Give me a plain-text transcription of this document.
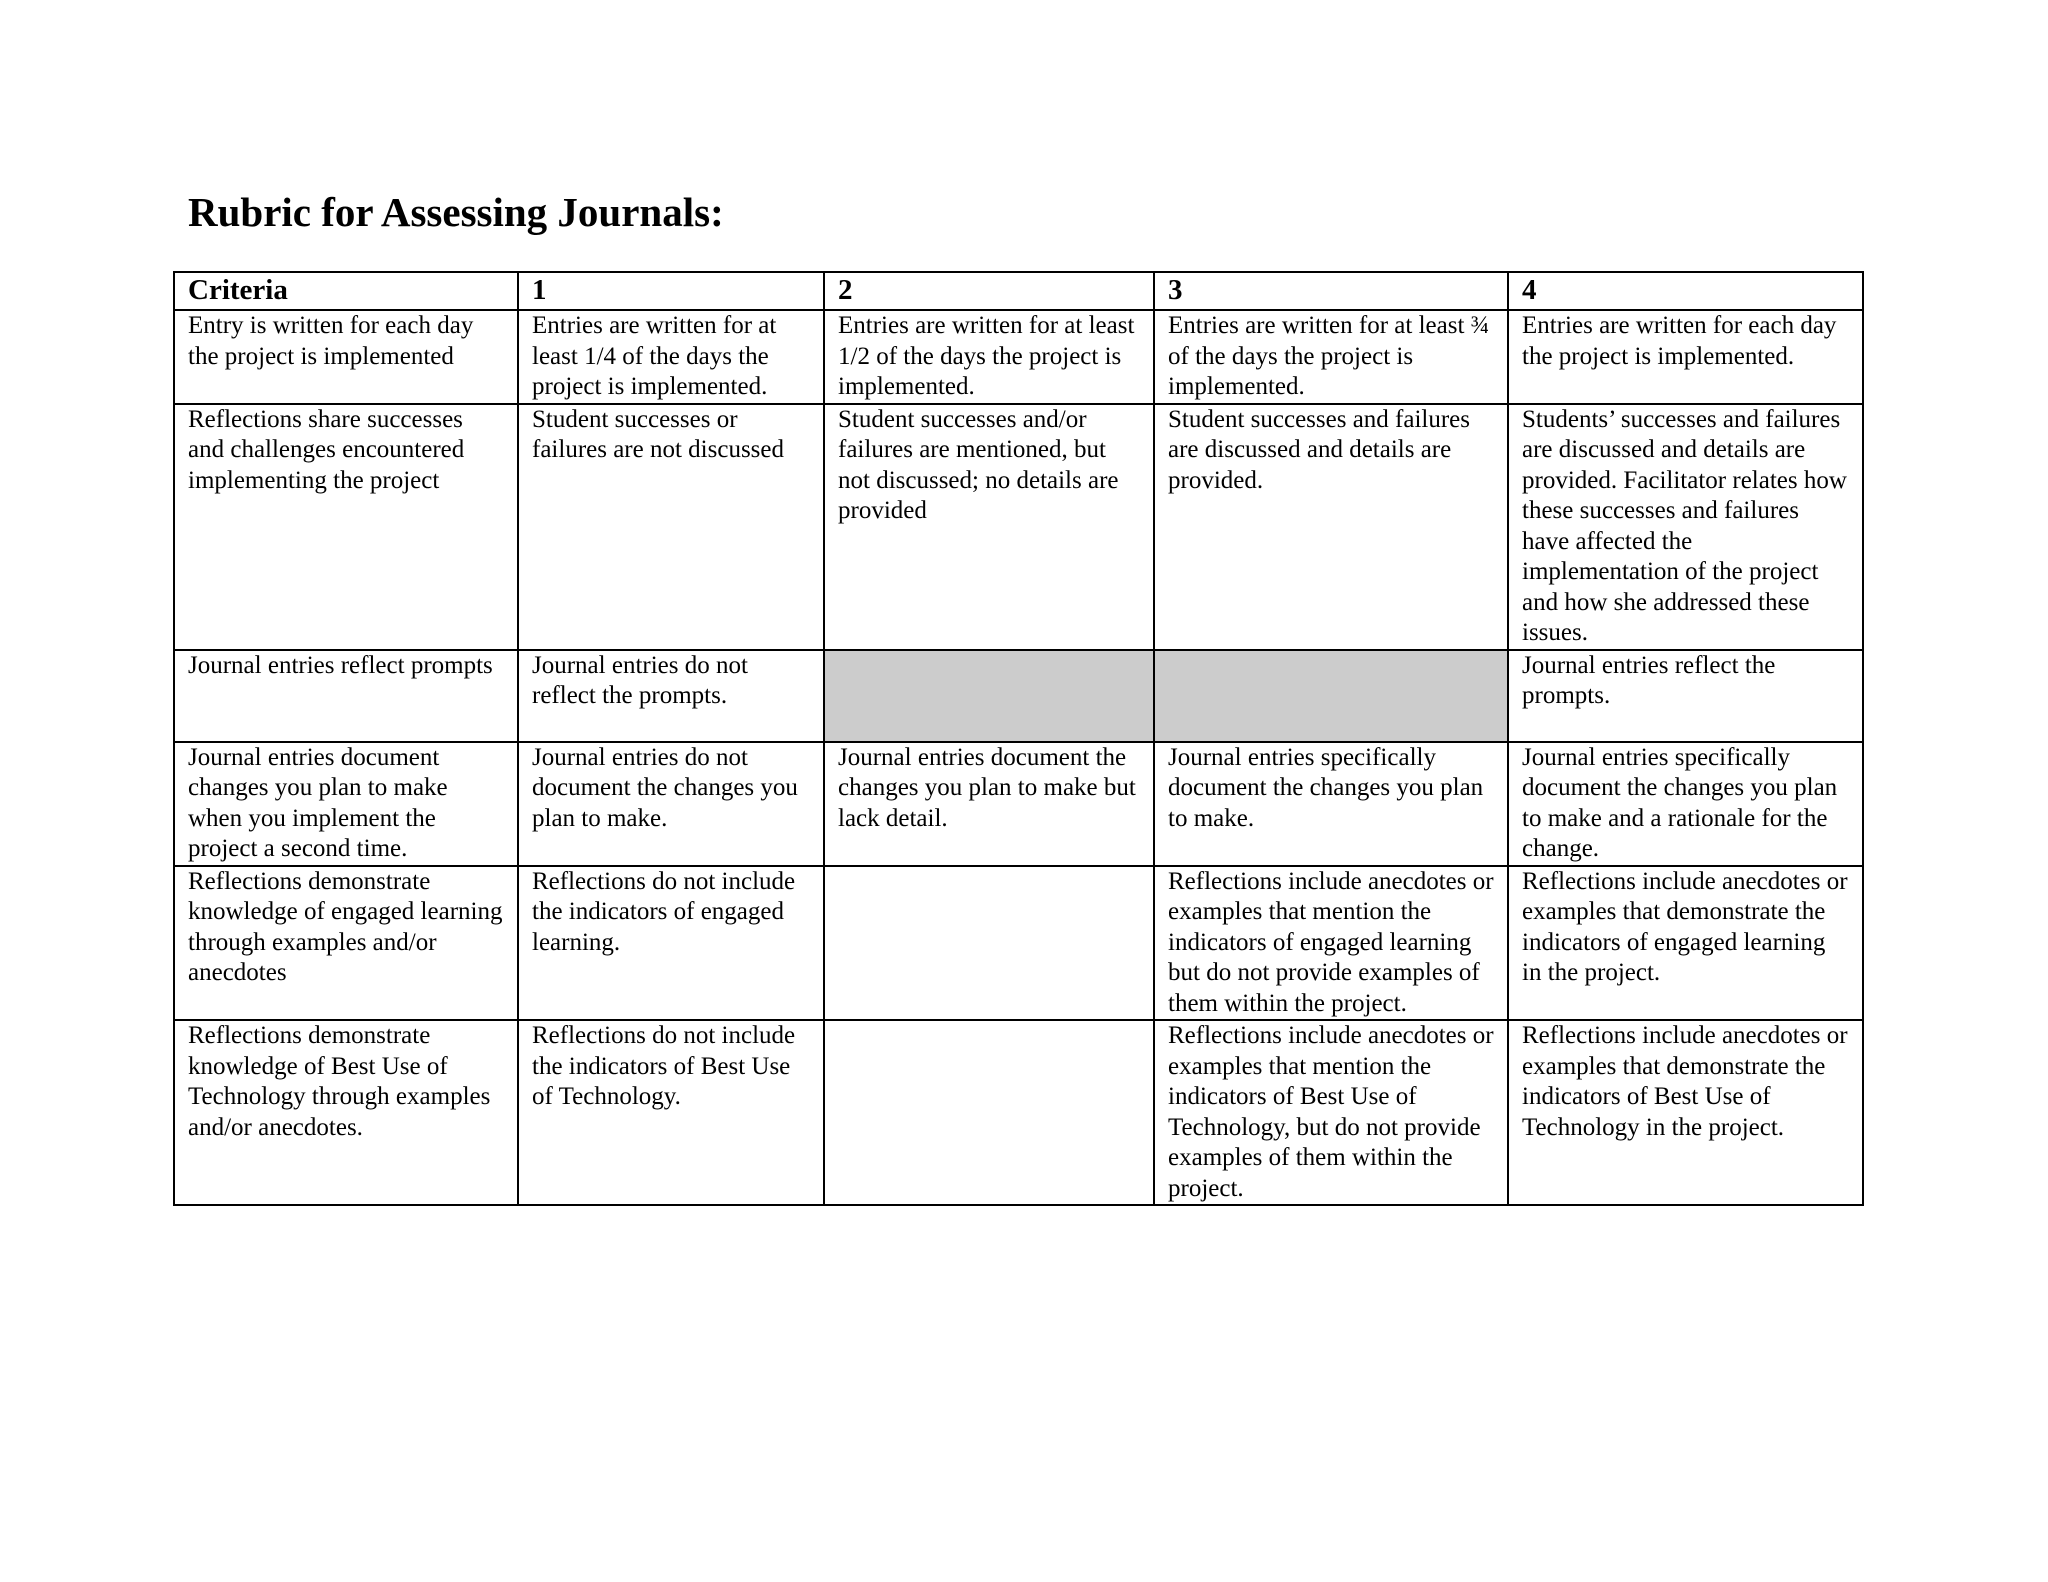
Rubric for Assessing Journals:
Criteria	1	2	3	4
Entry is written for each day the project is implemented	Entries are written for at least 1/4 of the days the project is implemented.	Entries are written for at least 1/2 of the days the project is implemented.	Entries are written for at least ¾ of the days the project is implemented.	Entries are written for each day the project is implemented.
Reflections share successes and challenges encountered implementing the project	Student successes or failures are not discussed	Student successes and/or failures are mentioned, but not discussed; no details are provided	Student successes and failures are discussed and details are provided.	Students’ successes and failures are discussed and details are provided. Facilitator relates how these successes and failures have affected the implementation of the project and how she addressed these issues.
Journal entries reflect prompts	Journal entries do not reflect the prompts.			Journal entries reflect the prompts.
Journal entries document changes you plan to make when you implement the project a second time.	Journal entries do not document the changes you plan to make.	Journal entries document the changes you plan to make but lack detail.	Journal entries specifically document the changes you plan to make.	Journal entries specifically document the changes you plan to make and a rationale for the change.
Reflections demonstrate knowledge of engaged learning through examples and/or anecdotes	Reflections do not include the indicators of engaged learning.		Reflections include anecdotes or examples that mention the indicators of engaged learning but do not provide examples of them within the project.	Reflections include anecdotes or examples that demonstrate the indicators of engaged learning in the project.
Reflections demonstrate knowledge of Best Use of Technology through examples and/or anecdotes.	Reflections do not include the indicators of Best Use of Technology.		Reflections include anecdotes or examples that mention the indicators of Best Use of Technology, but do not provide examples of them within the project.	Reflections include anecdotes or examples that demonstrate the indicators of Best Use of Technology in the project.
